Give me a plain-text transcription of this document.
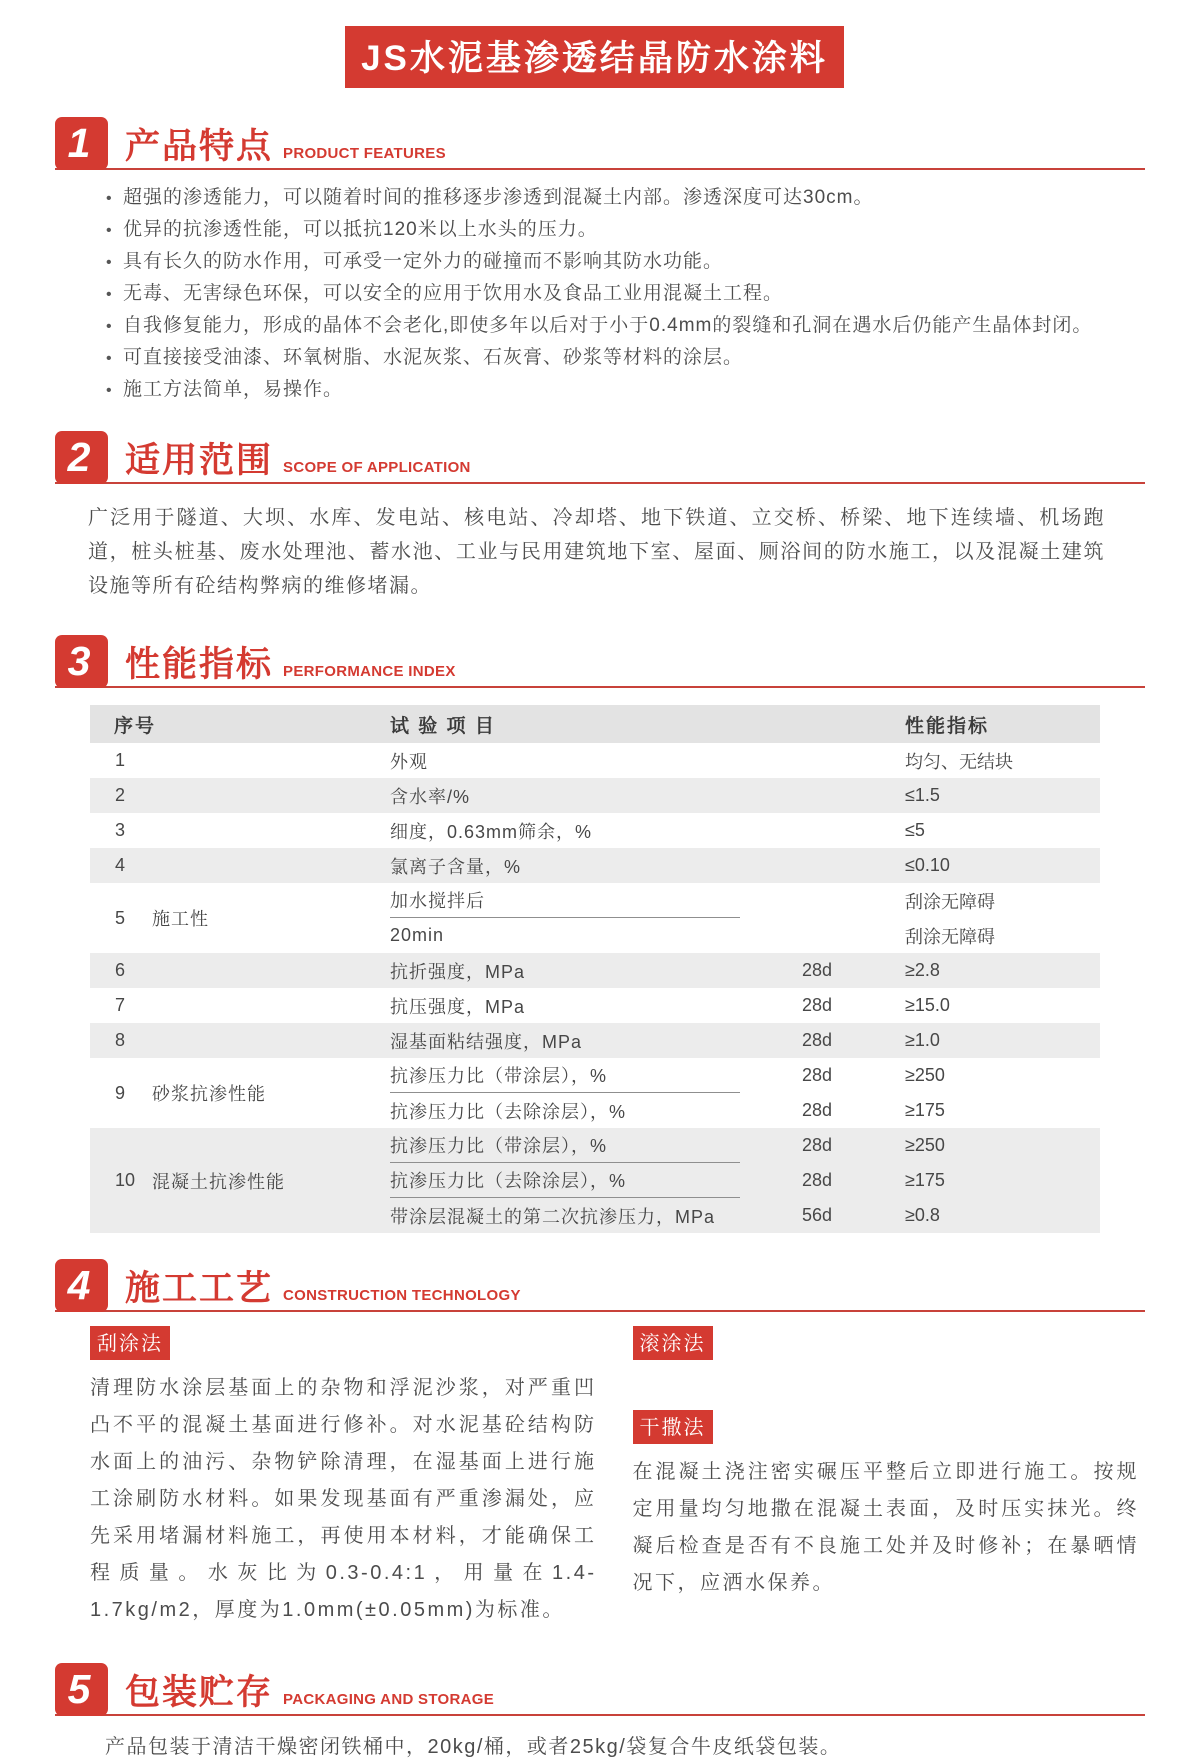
JS水泥基渗透结晶防水涂料
1 产品特点 PRODUCT FEATURES
• 超强的渗透能力，可以随着时间的推移逐步渗透到混凝土内部。渗透深度可达30cm。
• 优异的抗渗透性能，可以抵抗120米以上水头的压力。
• 具有长久的防水作用，可承受一定外力的碰撞而不影响其防水功能。
• 无毒、无害绿色环保，可以安全的应用于饮用水及食品工业用混凝土工程。
• 自我修复能力，形成的晶体不会老化,即使多年以后对于小于0.4mm的裂缝和孔洞在遇水后仍能产生晶体封闭。
• 可直接接受油漆、环氧树脂、水泥灰浆、石灰膏、砂浆等材料的涂层。
• 施工方法简单，易操作。
2 适用范围 SCOPE OF APPLICATION

广泛用于隧道、大坝、水库、发电站、核电站、冷却塔、地下铁道、立交桥、桥梁、地下连续墙、机场跑道，桩头桩基、废水处理池、蓄水池、工业与民用建筑地下室、屋面、厕浴间的防水施工，以及混凝土建筑设施等所有砼结构弊病的维修堵漏。

3 性能指标 PERFORMANCE INDEX
序号	试 验 项 目	性能指标
1	外观	均匀、无结块
2	含水率/%	≤1.5
3	细度，0.63mm筛余，%	≤5
4	氯离子含量，%	≤0.10
5	施工性
加水搅拌后	刮涂无障碍
20min	刮涂无障碍
6	抗折强度，MPa	28d	≥2.8
7	抗压强度，MPa	28d	≥15.0
8	湿基面粘结强度，MPa	28d	≥1.0
9	砂浆抗渗性能
抗渗压力比（带涂层），%	28d	≥250
抗渗压力比（去除涂层），%	28d	≥175
10 混凝土抗渗性能
抗渗压力比（带涂层），%	28d	≥250
抗渗压力比（去除涂层），%	28d	≥175
带涂层混凝土的第二次抗渗压力，MPa	56d	≥0.8
4 施工工艺 CONSTRUCTION TECHNOLOGY
刮涂法
清理防水涂层基面上的杂物和浮泥沙浆，对严重凹凸不平的混凝土基面进行修补。对水泥基砼结构防水面上的油污、杂物铲除清理，在湿基面上进行施工涂刷防水材料。如果发现基面有严重渗漏处，应先采用堵漏材料施工，再使用本材料，才能确保工程质量。水灰比为0.3-0.4:1，用量在1.4-1.7kg/m2，厚度为1.0mm(±0.05mm)为标准。
滚涂法
干撒法
在混凝土浇注密实碾压平整后立即进行施工。按规定用量均匀地撒在混凝土表面，及时压实抹光。终凝后检查是否有不良施工处并及时修补；在暴晒情况下，应洒水保养。
5 包装贮存 PACKAGING AND STORAGE

产品包装于清洁干燥密闭铁桶中，20kg/桶，或者25kg/袋复合牛皮纸袋包装。
